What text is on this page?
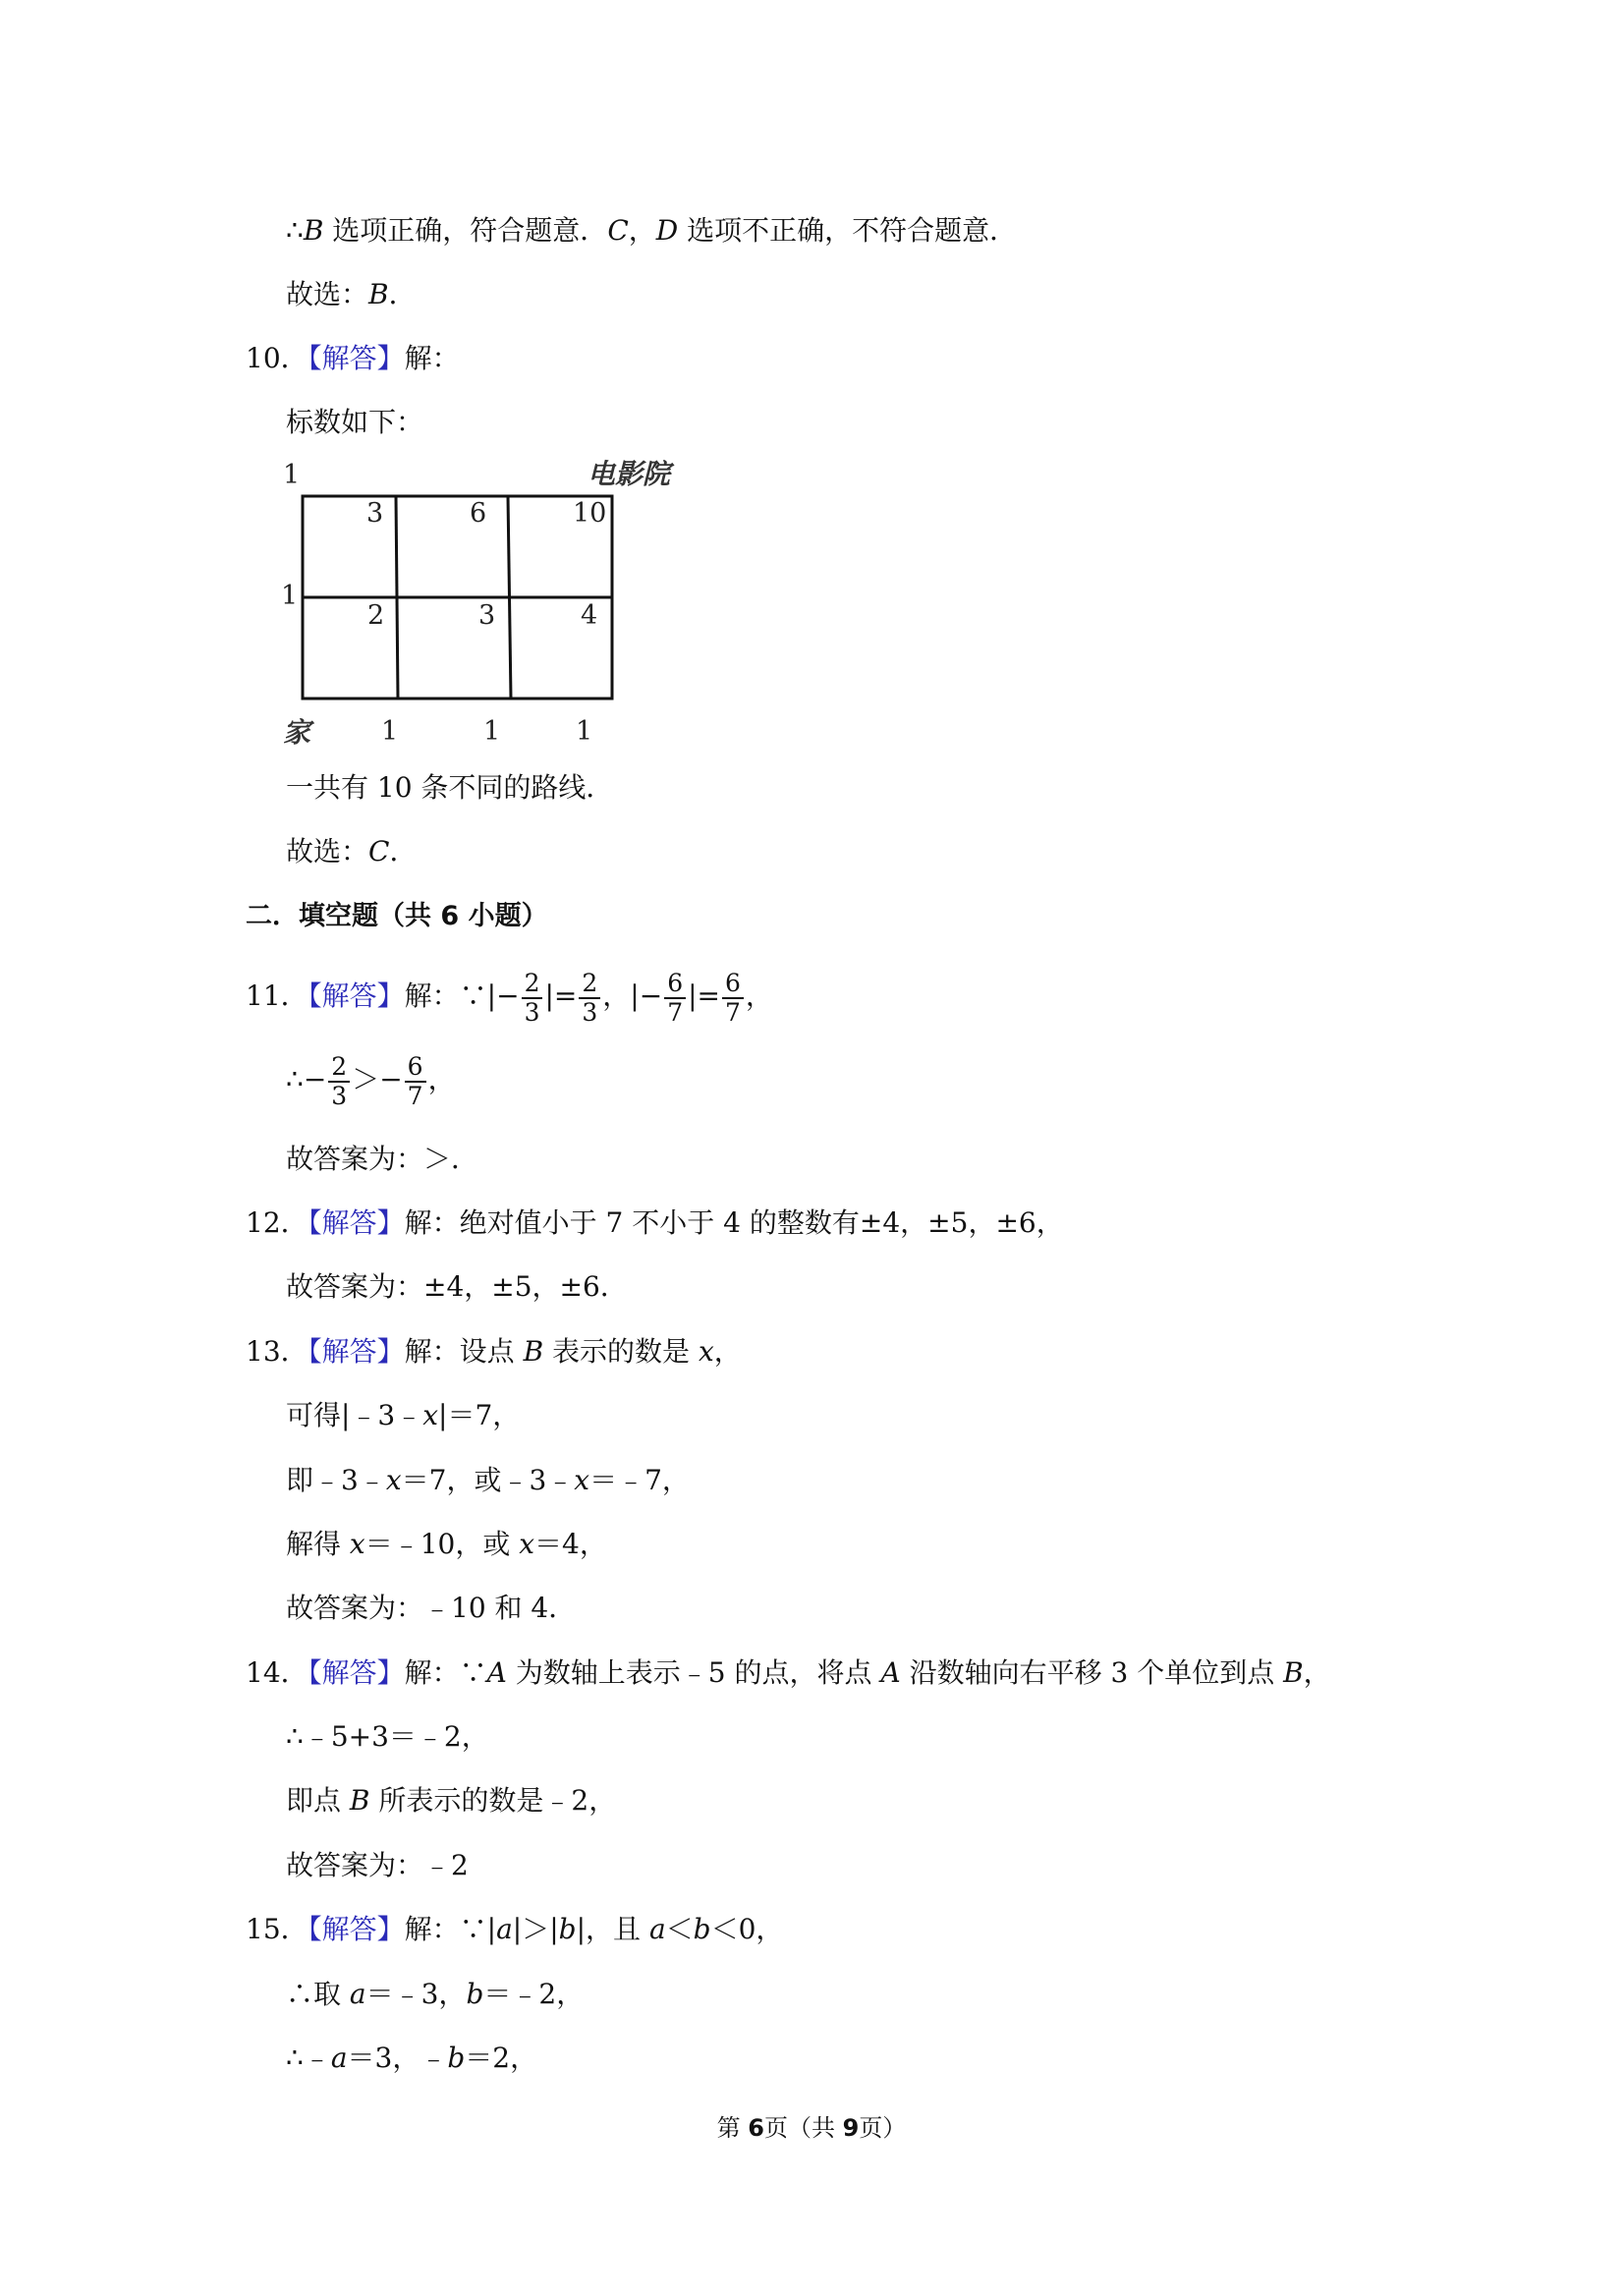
∴B 选项正确，符合题意．C，D 选项不正确，不符合题意．
故选：B．
10．【解答】解：
标数如下：
1	电影院
1
家	1	1	1
3	6	10
2	3	4
一共有 10 条不同的路线．
故选：C．
二．填空题（共 6 小题）
11．【解答】解：∵|− $\frac{2}{3}$ |= $\frac{2}{3}$ ，|− $\frac{6}{7}$ |= $\frac{6}{7}$ ，
∴− $\frac{2}{3} >- \frac{6}{7}$ ，
故答案为：＞．
12．【解答】解：绝对值小于 7 不小于 4 的整数有±4，±5，±6，
故答案为：±4，±5，±6．
13．【解答】解：设点 B 表示的数是 x，
可得|﹣3﹣x|＝7，
即﹣3﹣x＝7，或﹣3﹣x＝﹣7，
解得 x＝﹣10，或 x＝4，
故答案为：﹣10 和 4．
14．【解答】解：∵A 为数轴上表示﹣5 的点，将点 A 沿数轴向右平移 3 个单位到点 B，
∴﹣5+3＝﹣2，
即点 B 所表示的数是﹣2，
故答案为：﹣2
15．【解答】解：∵|a|＞|b|，且 a＜b＜0，
∴取 a＝﹣3，b＝﹣2，
∴﹣a＝3，﹣b＝2，
第 6页（共 9页）
